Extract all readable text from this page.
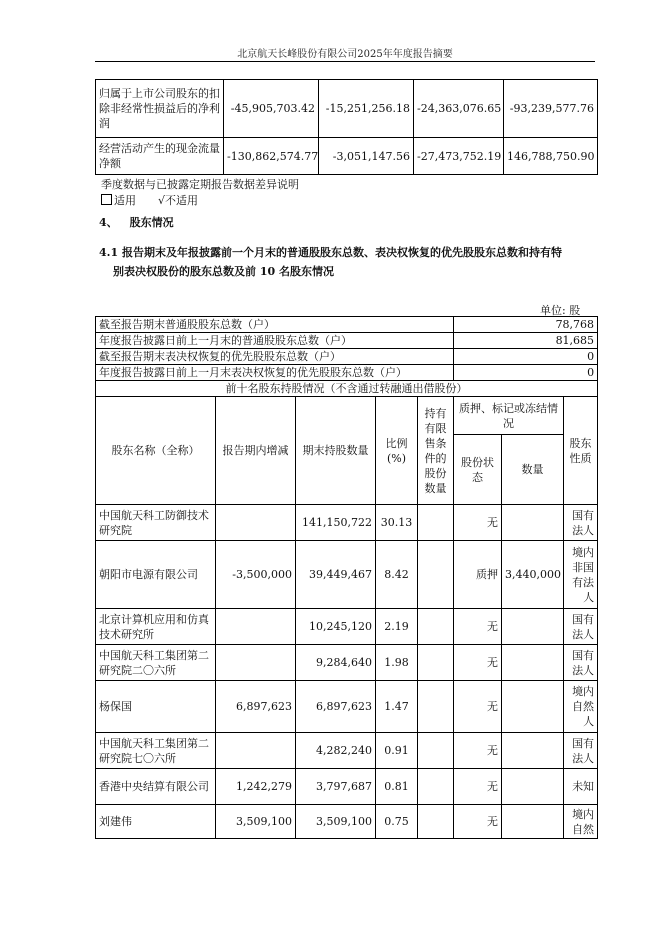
北京航天长峰股份有限公司2025年年度报告摘要
归属于上市公司股东的扣除非经常性损益后的净利润	-45,905,703.42	-15,251,256.18	-24,363,076.65	-93,239,577.76
经营活动产生的现金流量净额	-130,862,574.77	-3,051,147.56	-27,473,752.19	146,788,750.90
季度数据与已披露定期报告数据差异说明
适用 √不适用
4、 股东情况
4.1 报告期末及年报披露前一个月末的普通股股东总数、表决权恢复的优先股股东总数和持有特
别表决权股份的股东总数及前 10 名股东情况
单位: 股
截至报告期末普通股股东总数（户）					78,768		
年度报告披露日前上一月末的普通股股东总数（户）					81,685		
截至报告期末表决权恢复的优先股股东总数（户）					0		
年度报告披露日前上一月末表决权恢复的优先股股东总数（户）					0		
前十名股东持股情况（不含通过转融通出借股份）							
股东名称（全称）	报告期内增减	期末持股数量	比例(%)	持有有限售条件的股份数量	质押、标记或冻结情况		股东性质
					股份状态	数量	
中国航天科工防御技术研究院		141,150,722	30.13		无		国有法人
朝阳市电源有限公司	-3,500,000	39,449,467	8.42		质押	3,440,000	境内非国有法人
北京计算机应用和仿真技术研究所		10,245,120	2.19		无		国有法人
中国航天科工集团第二研究院二〇六所		9,284,640	1.98		无		国有法人
杨保国	6,897,623	6,897,623	1.47		无		境内自然人
中国航天科工集团第二研究院七〇六所		4,282,240	0.91		无		国有法人
香港中央结算有限公司	1,242,279	3,797,687	0.81		无		未知
刘建伟	3,509,100	3,509,100	0.75		无		境内自然
